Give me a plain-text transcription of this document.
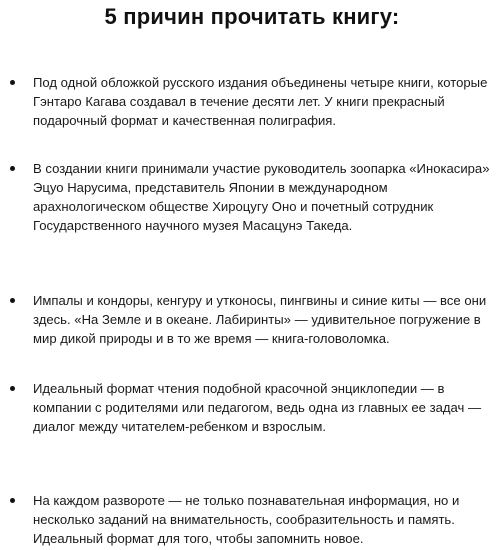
5 причин прочитать книгу:
Под одной обложкой русского издания объединены четыре книги, которые Гэнтаро Кагава создавал в течение десяти лет. У книги прекрасный подарочный формат и качественная полиграфия.
В создании книги принимали участие руководитель зоопарка «Инокасира» Эцуо Нарусима, представитель Японии в международном арахнологическом обществе Хироцугу Оно и почетный сотрудник Государственного научного музея Масацунэ Такеда.
Импалы и кондоры, кенгуру и утконосы, пингвины и синие киты — все они здесь. «На Земле и в океане. Лабиринты» — удивительное погружение в мир дикой природы и в то же время — книга-головоломка.
Идеальный формат чтения подобной красочной энциклопедии — в компании с родителями или педагогом, ведь одна из главных ее задач — диалог между читателем-ребенком и взрослым.
На каждом развороте — не только познавательная информация, но и несколько заданий на внимательность, сообразительность и память. Идеальный формат для того, чтобы запомнить новое.
